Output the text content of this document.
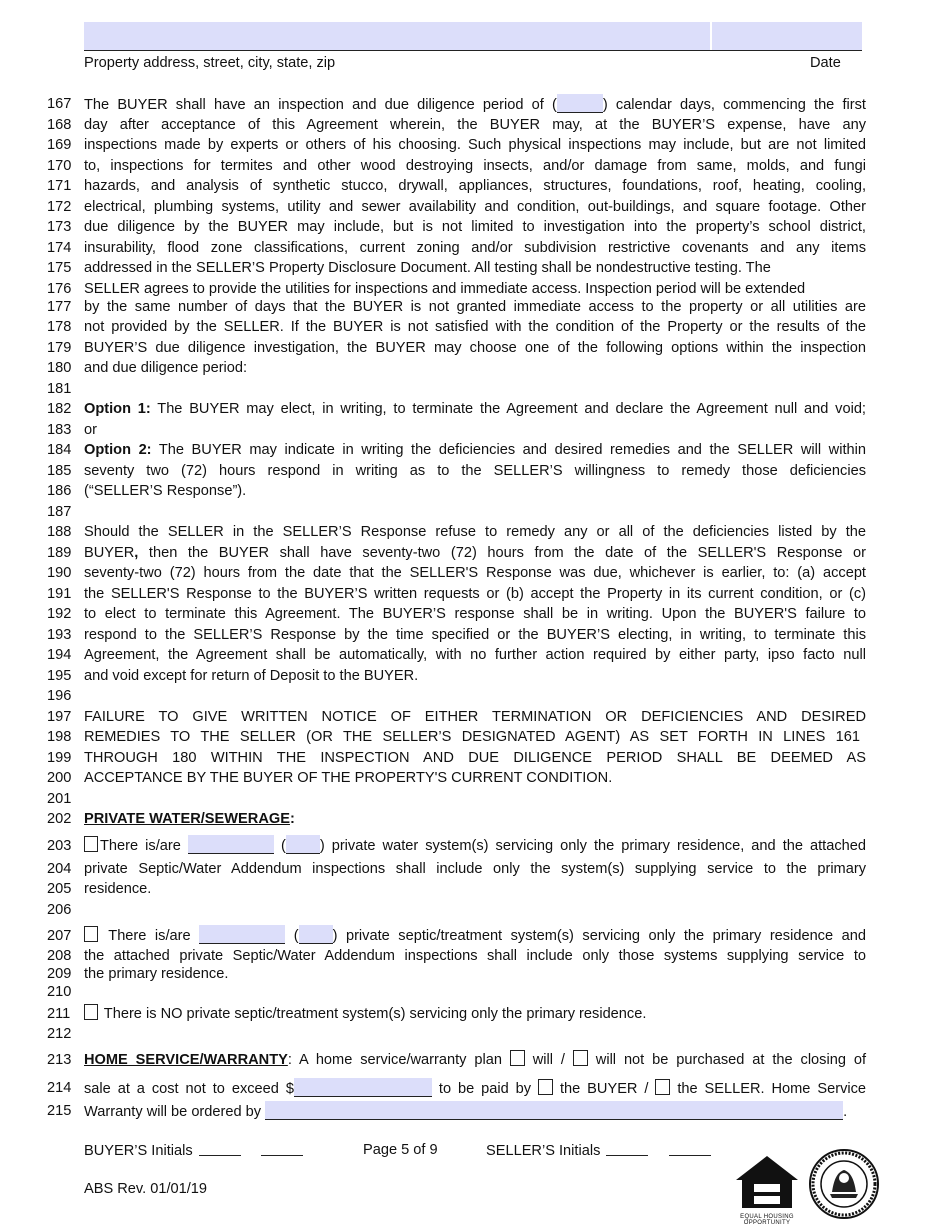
Property address, street, city, state, zip	Date
167 The BUYER shall have an inspection and due diligence period of (	) calendar days, commencing the first
168 day after acceptance of this Agreement wherein, the BUYER may, at the BUYER’S expense, have any
169 inspections made by experts or others of his choosing. Such physical inspections may include, but are not limited
170 to, inspections for termites and other wood destroying insects, and/or damage from same, molds, and fungi
171 hazards, and analysis of synthetic stucco, drywall, appliances, structures, foundations, roof, heating, cooling,
172 electrical, plumbing systems, utility and sewer availability and condition, out-buildings, and square footage. Other
173 due diligence by the BUYER may include, but is not limited to investigation into the property’s school district,
174 insurability, flood zone classifications, current zoning and/or subdivision restrictive covenants and any items
175 addressed in the SELLER’S Property Disclosure Document. All testing shall be nondestructive testing. The
176 SELLER agrees to provide the utilities for inspections and immediate access. Inspection period will be extended
177 by the same number of days that the BUYER is not granted immediate access to the property or all utilities are
178 not provided by the SELLER. If the BUYER is not satisfied with the condition of the Property or the results of the
179 BUYER’S due diligence investigation, the BUYER may choose one of the following options within the inspection
180 and due diligence period:
181
182 Option 1: The BUYER may elect, in writing, to terminate the Agreement and declare the Agreement null and void;
183 or
184 Option 2: The BUYER may indicate in writing the deficiencies and desired remedies and the SELLER will within
185 seventy two (72) hours respond in writing as to the SELLER’S willingness to remedy those deficiencies
186 (“SELLER’S Response”).
187
188 Should the SELLER in the SELLER’S Response refuse to remedy any or all of the deficiencies listed by the
189 BUYER, then the BUYER shall have seventy-two (72) hours from the date of the SELLER'S Response or
190 seventy-two (72) hours from the date that the SELLER'S Response was due, whichever is earlier, to: (a) accept
191 the SELLER'S Response to the BUYER’S written requests or (b) accept the Property in its current condition, or (c)
192 to elect to terminate this Agreement. The BUYER’S response shall be in writing. Upon the BUYER'S failure to
193 respond to the SELLER’S Response by the time specified or the BUYER’S electing, in writing, to terminate this
194 Agreement, the Agreement shall be automatically, with no further action required by either party, ipso facto null
195 and void except for return of Deposit to the BUYER.
196
197 FAILURE TO GIVE WRITTEN NOTICE OF EITHER TERMINATION OR DEFICIENCIES AND DESIRED
198 REMEDIES TO THE SELLER (OR THE SELLER’S DESIGNATED AGENT) AS SET FORTH IN LINES 161
199 THROUGH 180 WITHIN THE INSPECTION AND DUE DILIGENCE PERIOD SHALL BE DEEMED AS
200 ACCEPTANCE BY THE BUYER OF THE PROPERTY'S CURRENT CONDITION.
201
202 PRIVATE WATER/SEWERAGE:
203	There is/are	( ) private water system(s) servicing only the primary residence, and the attached
204 private Septic/Water Addendum inspections shall include only the system(s) supplying service to the primary
205 residence.
206
207	There is/are	( ) private septic/treatment system(s) servicing only the primary residence and
208 the attached private Septic/Water Addendum inspections shall include only those systems supplying service to
209 the primary residence.
210
211	There is NO private septic/treatment system(s) servicing only the primary residence.
212
213 HOME SERVICE/WARRANTY: A home service/warranty plan will / will not be purchased at the closing of
214 sale at a cost not to exceed $	to be paid by the BUYER / the SELLER. Home Service
215 Warranty will be ordered by	.
BUYER’S Initials	Page 5 of 9	SELLER’S Initials
ABS Rev. 01/01/19
EQUAL HOUSING
OPPORTUNITY
